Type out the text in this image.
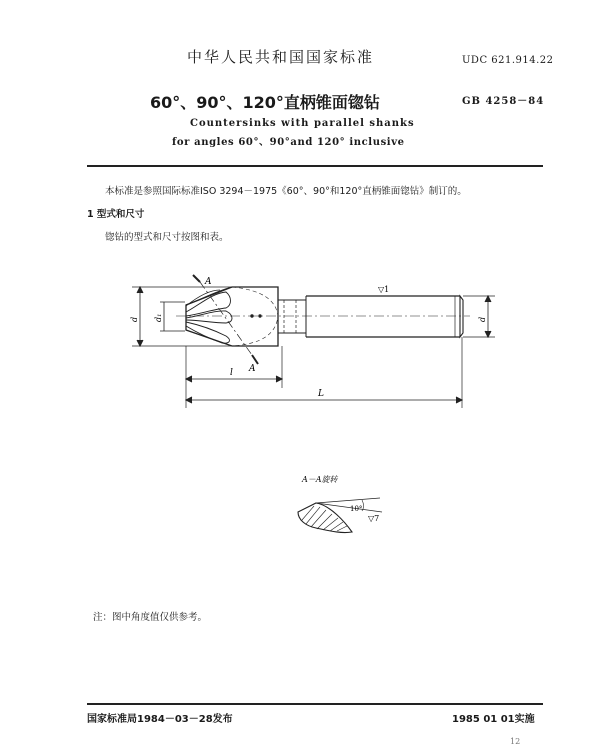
中华人民共和国国家标准	UDC 621.914.22
60°、90°、120°直柄锥面锪钻	GB 4258－84
Countersinks with parallel shanks
for angles 60°、90°and 120° inclusive
本标准是参照国际标准ISO 3294－1975《60°、90°和120°直柄锥面锪钻》制订的。
1 型式和尺寸
锪钻的型式和尺寸按图和表。
A
A
d d₁	d
l
L
▽1
A－A旋转
10°
▽7
注：图中角度值仅供参考。
国家标准局1984－03－28发布	1985 01 01实施
12
